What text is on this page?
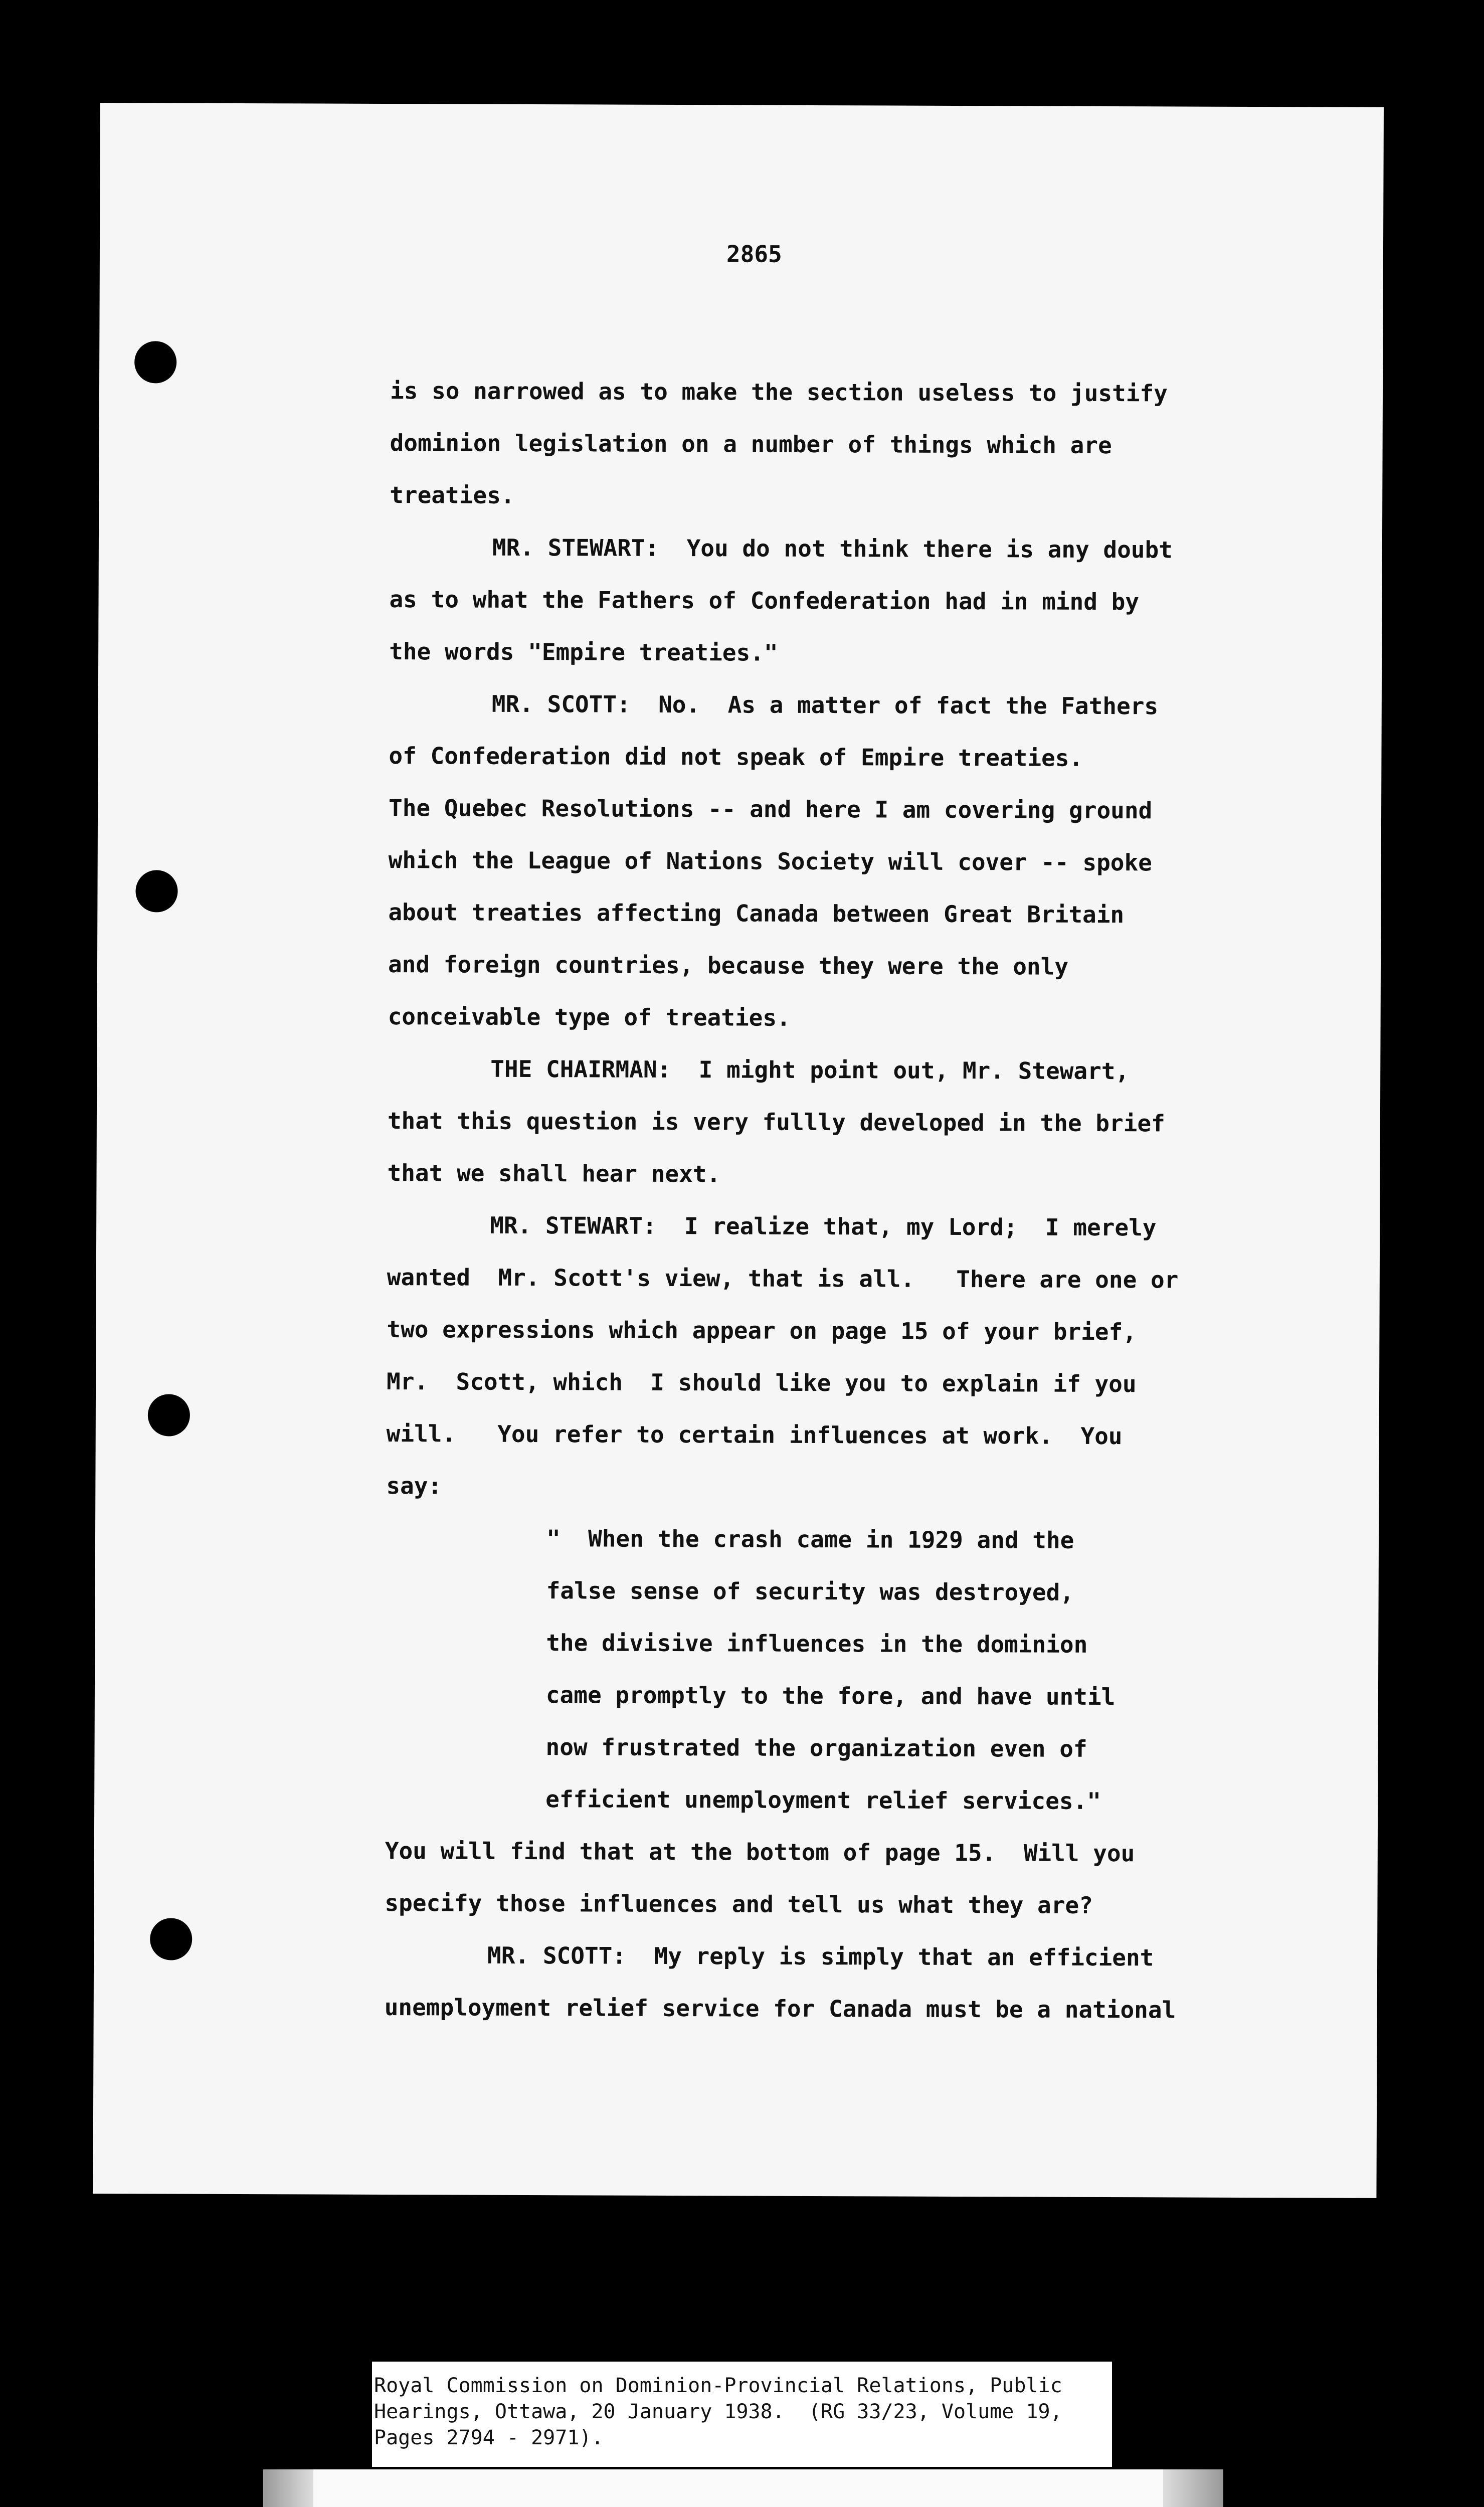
2865
is so narrowed as to make the section useless to justify
dominion legislation on a number of things which are
treaties.
MR. STEWART:  You do not think there is any doubt
as to what the Fathers of Confederation had in mind by
the words "Empire treaties."
MR. SCOTT:  No.  As a matter of fact the Fathers
of Confederation did not speak of Empire treaties.
The Quebec Resolutions -- and here I am covering ground
which the League of Nations Society will cover -- spoke
about treaties affecting Canada between Great Britain
and foreign countries, because they were the only
conceivable type of treaties.
THE CHAIRMAN:  I might point out, Mr. Stewart,
that this question is very fullly developed in the brief
that we shall hear next.
MR. STEWART:  I realize that, my Lord;  I merely
wanted  Mr. Scott's view, that is all.   There are one or
two expressions which appear on page 15 of your brief,
Mr.  Scott, which  I should like you to explain if you
will.   You refer to certain influences at work.  You
say:
"  When the crash came in 1929 and the
false sense of security was destroyed,
the divisive influences in the dominion
came promptly to the fore, and have until
now frustrated the organization even of
efficient unemployment relief services."
You will find that at the bottom of page 15.  Will you
specify those influences and tell us what they are?
MR. SCOTT:  My reply is simply that an efficient
unemployment relief service for Canada must be a national
Royal Commission on Dominion-Provincial Relations, Public
Hearings, Ottawa, 20 January 1938.  (RG 33/23, Volume 19,
Pages 2794 - 2971).
